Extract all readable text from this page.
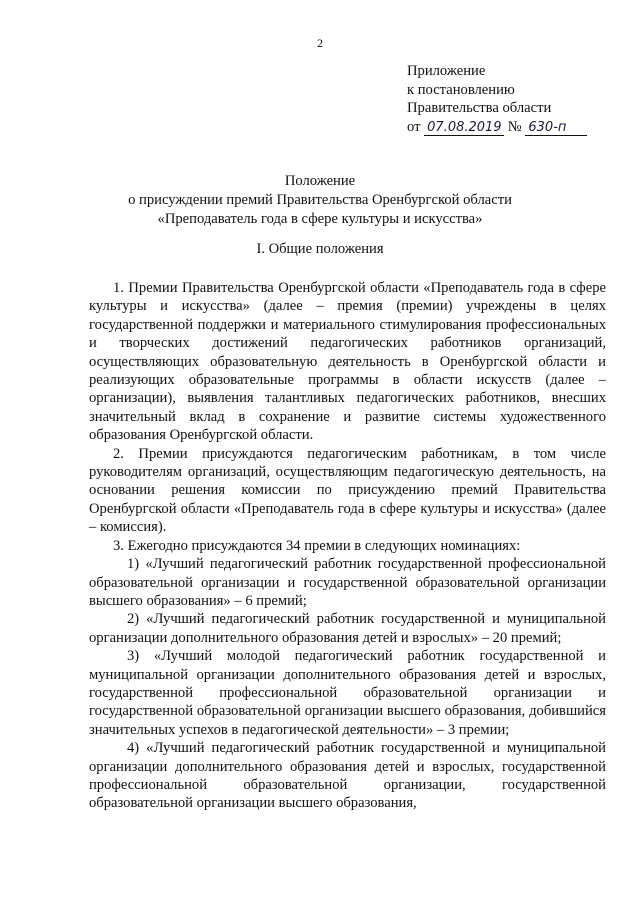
2
Приложение
к постановлению
Правительства области
от 07.08.2019 № 630-п
Положение
о присуждении премий Правительства Оренбургской области
«Преподаватель года в сфере культуры и искусства»
I. Общие положения

1. Премии Правительства Оренбургской области «Преподаватель года в сфере культуры и искусства» (далее – премия (премии) учреждены в целях государственной поддержки и материального стимулирования профессиональных и творческих достижений педагогических работников организаций, осуществляющих образовательную деятельность в Оренбургской области и реализующих образовательные программы в области искусств (далее – организации), выявления талантливых педагогических работников, внесших значительный вклад в сохранение и развитие системы художественного образования Оренбургской области.

2. Премии присуждаются педагогическим работникам, в том числе руководителям организаций, осуществляющим педагогическую деятельность, на основании решения комиссии по присуждению премий Правительства Оренбургской области «Преподаватель года в сфере культуры и искусства» (далее – комиссия).

3. Ежегодно присуждаются 34 премии в следующих номинациях:

1) «Лучший педагогический работник государственной профессиональной образовательной организации и государственной образовательной организации высшего образования» – 6 премий;

2) «Лучший педагогический работник государственной и муниципальной организации дополнительного образования детей и взрослых» – 20 премий;

3) «Лучший молодой педагогический работник государственной и муниципальной организации дополнительного образования детей и взрослых, государственной профессиональной образовательной организации и государственной образовательной организации высшего образования, добившийся значительных успехов в педагогической деятельности» – 3 премии;

4) «Лучший педагогический работник государственной и муниципальной организации дополнительного образования детей и взрослых, государственной профессиональной образовательной организации, государственной образовательной организации высшего образования,
